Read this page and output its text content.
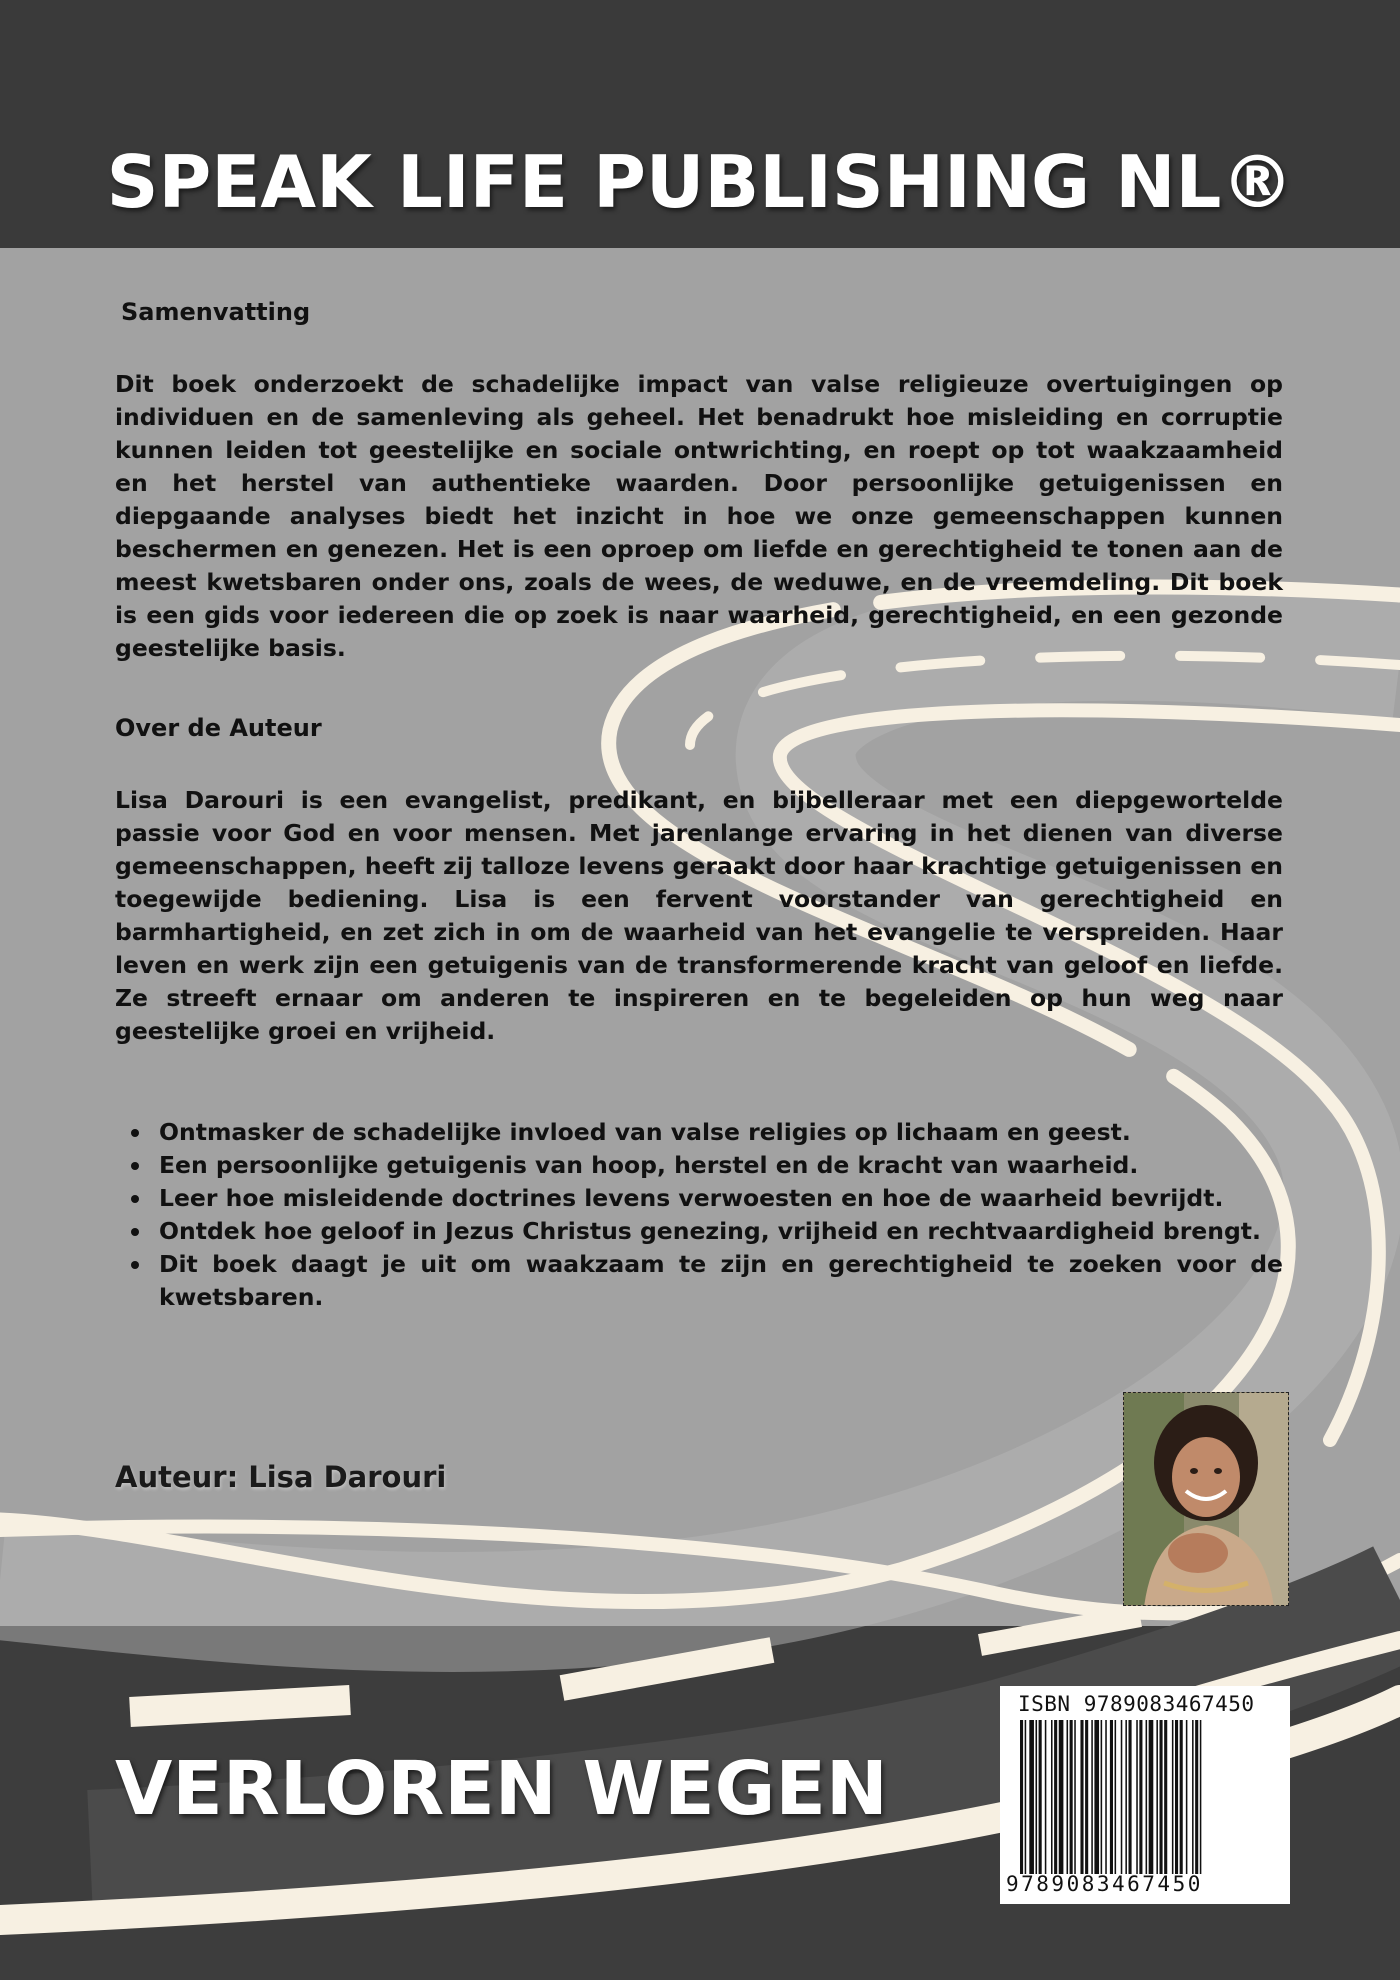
SPEAK LIFE PUBLISHING NL®
Samenvatting

Dit boek onderzoekt de schadelijke impact van valse religieuze overtuigingen op individuen en de samenleving als geheel. Het benadrukt hoe misleiding en corruptie kunnen leiden tot geestelijke en sociale ontwrichting, en roept op tot waakzaamheid en het herstel van authentieke waarden. Door persoonlijke getuigenissen en diepgaande analyses biedt het inzicht in hoe we onze gemeenschappen kunnen beschermen en genezen. Het is een oproep om liefde en gerechtigheid te tonen aan de meest kwetsbaren onder ons, zoals de wees, de weduwe, en de vreemdeling. Dit boek is een gids voor iedereen die op zoek is naar waarheid, gerechtigheid, en een gezonde geestelijke basis.

Over de Auteur

Lisa Darouri is een evangelist, predikant, en bijbelleraar met een diepgewortelde passie voor God en voor mensen. Met jarenlange ervaring in het dienen van diverse gemeenschappen, heeft zij talloze levens geraakt door haar krachtige getuigenissen en toegewijde bediening. Lisa is een fervent voorstander van gerechtigheid en barmhartigheid, en zet zich in om de waarheid van het evangelie te verspreiden. Haar leven en werk zijn een getuigenis van de transformerende kracht van geloof en liefde. Ze streeft ernaar om anderen te inspireren en te begeleiden op hun weg naar geestelijke groei en vrijheid.

Ontmasker de schadelijke invloed van valse religies op lichaam en geest.
Een persoonlijke getuigenis van hoop, herstel en de kracht van waarheid.
Leer hoe misleidende doctrines levens verwoesten en hoe de waarheid bevrijdt.
Ontdek hoe geloof in Jezus Christus genezing, vrijheid en rechtvaardigheid brengt.
Dit boek daagt je uit om waakzaam te zijn en gerechtigheid te zoeken voor de kwetsbaren.

Auteur: Lisa Darouri

VERLOREN WEGEN

ISBN 9789083467450

9789083467450
